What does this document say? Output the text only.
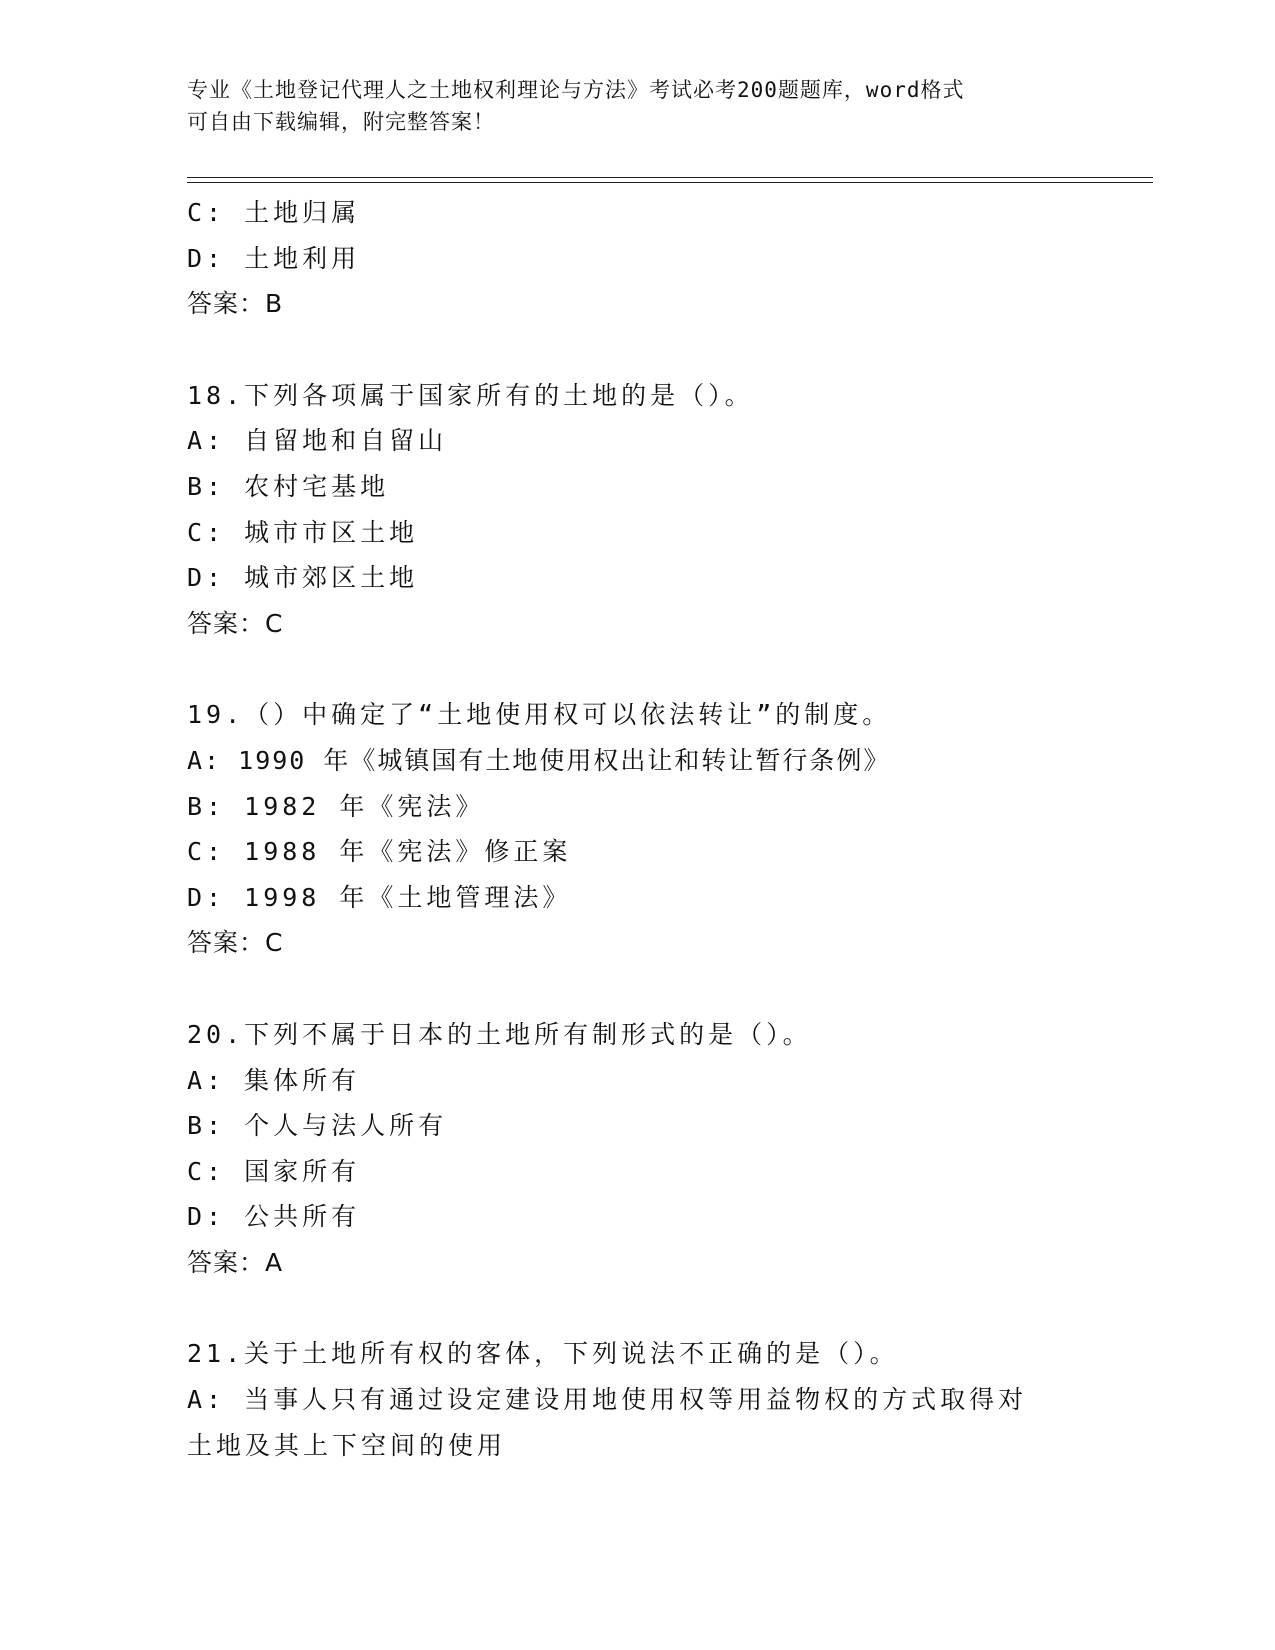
专业《土地登记代理人之土地权利理论与方法》考试必考200题题库，word格式
可自由下载编辑，附完整答案！
C: 土地归属
D: 土地利用
答案：B
18.下列各项属于国家所有的土地的是（）。
A: 自留地和自留山
B: 农村宅基地
C: 城市市区土地
D: 城市郊区土地
答案：C
19.（）中确定了“土地使用权可以依法转让”的制度。
A: 1990 年《城镇国有土地使用权出让和转让暂行条例》
B: 1982 年《宪法》
C: 1988 年《宪法》修正案
D: 1998 年《土地管理法》
答案：C
20.下列不属于日本的土地所有制形式的是（）。
A: 集体所有
B: 个人与法人所有
C: 国家所有
D: 公共所有
答案：A
21.关于土地所有权的客体，下列说法不正确的是（）。
A: 当事人只有通过设定建设用地使用权等用益物权的方式取得对土地及其上下空间的使用
